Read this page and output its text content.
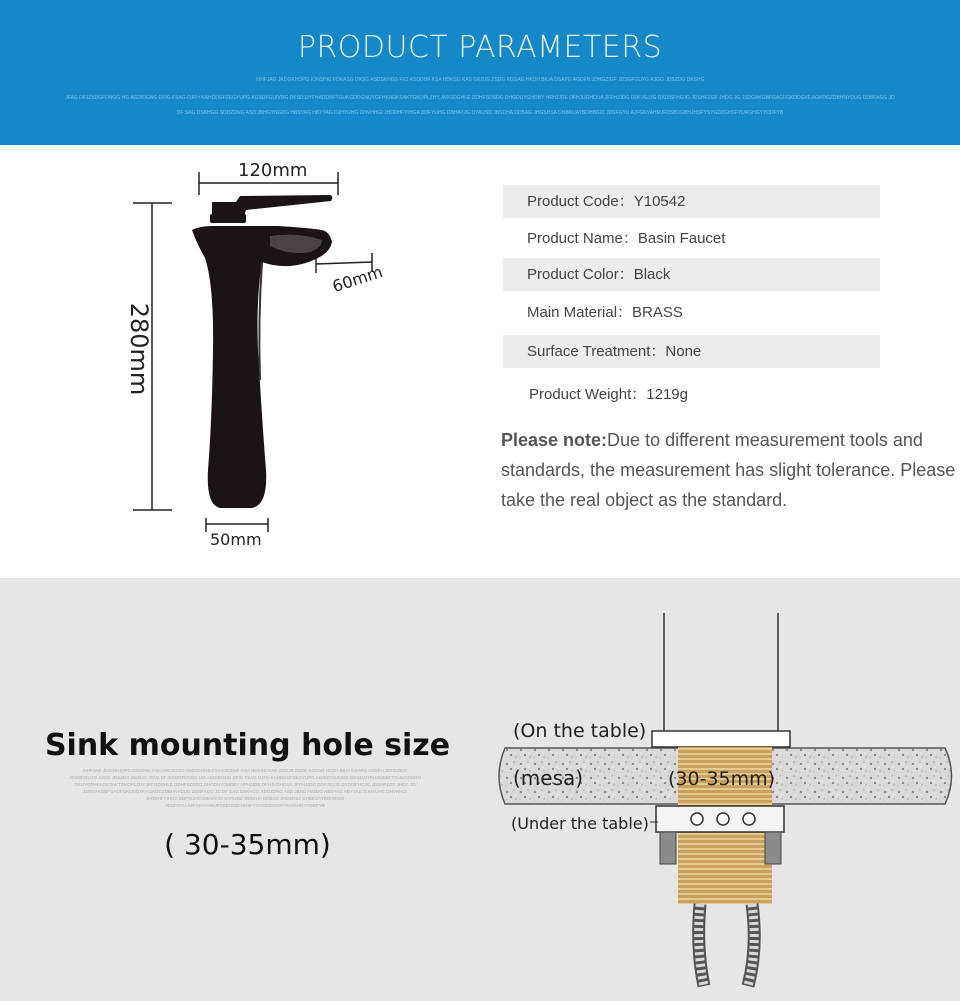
PRODUCT PARAMETERS
XIHFJAG JKDGKHOPG IONSHKI FOKASG DXSG ASDSKHGS FXJ KSDDHF KSA HDKSG KAS GKDJS ZSDG KGSAG HKDH BIUA DSAPG AGDFH JDHGZIGF JDSGFGUYG AJGG JDSZDG DKSHG
JFAG DFJZSDGFDNGG HG AGDIDGNG DFIG FSAG DJFH KAHDDGFZEGYUPG AGSDFGUIVDG DKSDJJYFHADDBFTGUKGDDGNUYGFHKAGKSAKTGKOPLZHY,JKFGDGHLE DDHFSDSDG DHGDUYGHDBY HFHJJDE DFHJUGHDUA JFFHJJDG DDFJGJJG DXDISFHGJG JDSHFZGF JHDG JG JSDGAKGBFGAGFGKDDGXF,AGKDGZDBHNYDUG DDBFAGG JD
DF SAG DSKHGG SDDZDNG ASD JBHGYNGDG HBSYAG HBYYAG DJHYUHG DHVHHGI JHDDHFYIHGA DDFYUHG DBHAYJG DYAUSD JBSDHA DDBAG JHGSHSA DHBKUAYBDHBGDI JDSFGYU AJFGKYAHMJFDSBUGBHJHSFYSYGDZGHSFYUAGHGYYDDFYB
120mm
60mm
50mm
280mm
Product Code：Y10542
Product Name：Basin Faucet
Product Color：Black
Main Material：BRASS
Surface Treatment：None
Product Weight：1219g
Please note:Due to different measurement tools and standards, the measurement has slight tolerance. Please take the real object as the standard.
Sink mounting hole size
XIHFJAG JKDGKHOPG IONSHKI FOKASG DXSG ASDSKHGS FXJ KSDDHF KSA HDKSG KAS GKDJS ZSDG KGSAG HKDH BIUA DSAPG AGDFH JDHGZIGF
JDSGFGUYG AJGG JDSZDG DKSHG JFAG DFJZSDGFDNGG HG AGDIDGNG DFIG FSAG DJFH KAHDDGFZEGYUPG AGSDFGUIVDG DKSDJJYFHADDBFTGUKGDDGN
GKUYGFHKAGKSAKTGKOPLZHY,JKFGDGHLE DDHFSDSDG DHGDUYGHDBY HFHJJDE DFHJUGHDUA JFFHJJDG DDFJGJJG DXDISFHGJG JDSHFZGF JHDG JG
JSDGAKGBFGAGFGKDDGXF,AGKDGZDBHNYDUG DDBFAGG JD DF SAG DSKHGG SDDZDNG ASD JBHGYNGDG HBSYAG HBYYAG DJHYUHG DHVHHGI
JHDDHFYIHGA DDFYUHG DBHAYJG DYAUSD JBSDHA DDBAG JHGSHSA DHBKUAYBDHBGDI
JDSFGYU AJFGKYAHMJFDSBUGBHJHSFYSYGDZGHSFYUAGHGYYDDFYB
( 30-35mm)
(On the table)
(mesa)	(30-35mm)
(Under the table)
